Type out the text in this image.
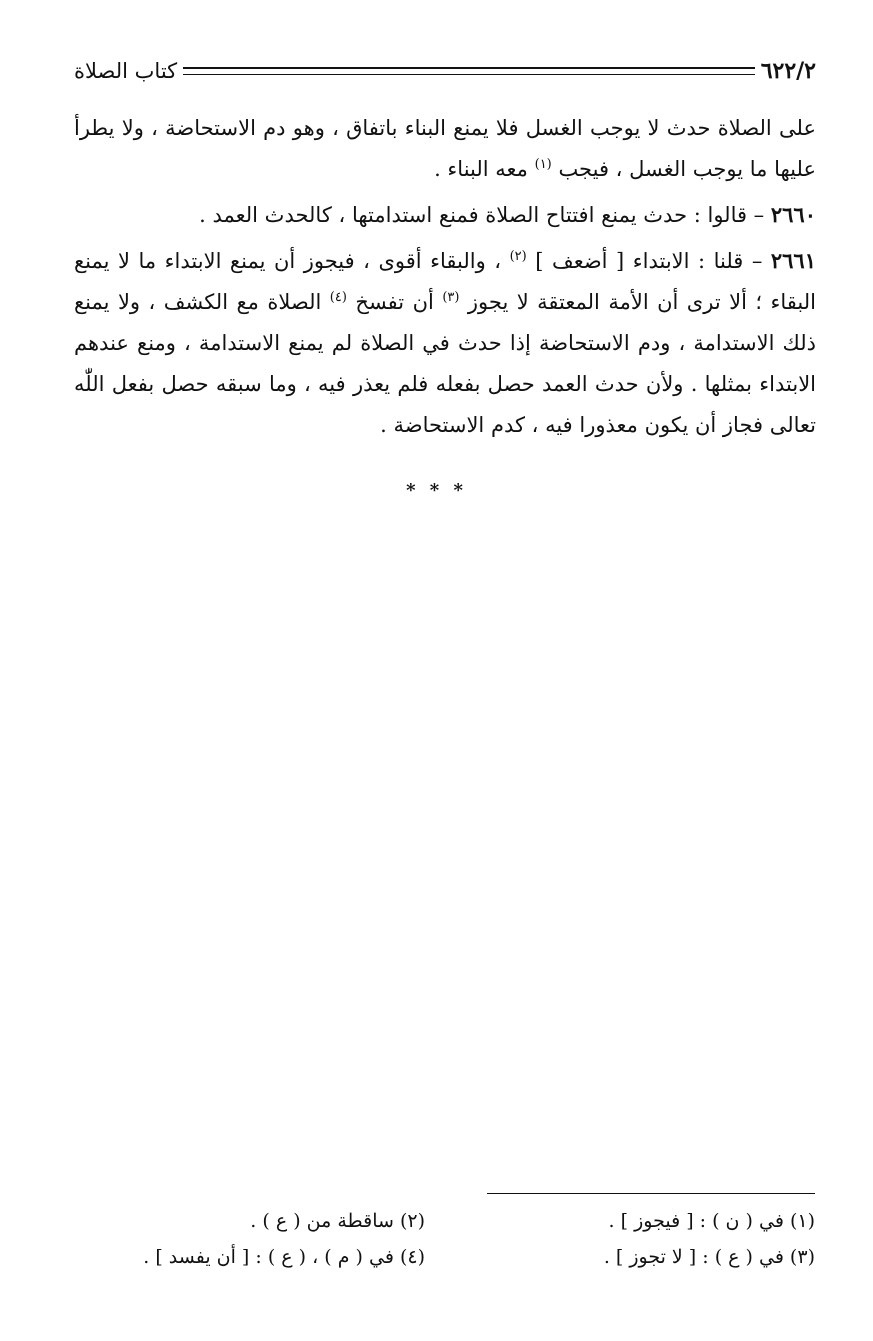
٦٢٢/٢
كتاب الصلاة

على الصلاة حدث لا يوجب الغسل فلا يمنع البناء باتفاق ، وهو دم الاستحاضة ، ولا يطرأ عليها ما يوجب الغسل ، فيجب $^{(١)}$ معه البناء .

٢٦٦٠ – قالوا : حدث يمنع افتتاح الصلاة فمنع استدامتها ، كالحدث العمد .

٢٦٦١ – قلنا : الابتداء [ أضعف ] $^{(٢)}$ ، والبقاء أقوى ، فيجوز أن يمنع الابتداء ما لا يمنع البقاء ؛ ألا ترى أن الأمة المعتقة لا يجوز $^{(٣)}$ أن تفسخ $^{(٤)}$ الصلاة مع الكشف ، ولا يمنع ذلك الاستدامة ، ودم الاستحاضة إذا حدث في الصلاة لم يمنع الاستدامة ، ومنع عندهم الابتداء بمثلها . ولأن حدث العمد حصل بفعله فلم يعذر فيه ، وما سبقه حصل بفعل اللّٰه تعالى فجاز أن يكون معذورا فيه ، كدم الاستحاضة .

* * *
(١) في ( ن ) : [ فيجوز ] .
(٢) ساقطة من ( ع ) .
(٣) في ( ع ) : [ لا تجوز ] .
(٤) في ( م ) ، ( ع ) : [ أن يفسد ] .
